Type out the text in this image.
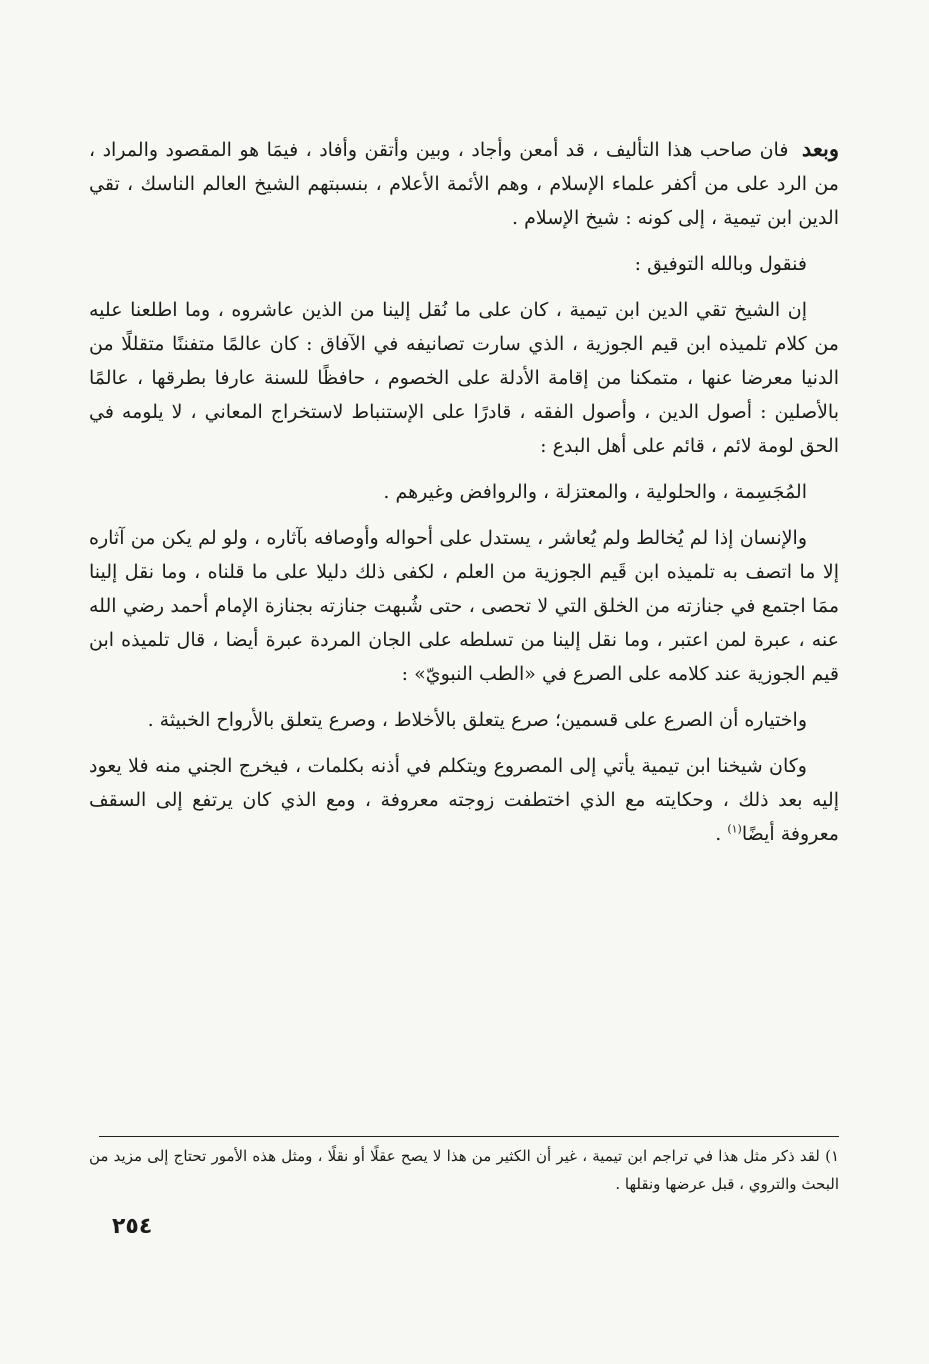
وبعد فان صاحب هذا التأليف ، قد أمعن وأجاد ، وبين وأتقن وأفاد ، فيمَا هو المقصود والمراد ، من الرد على من أكفر علماء الإسلام ، وهم الأئمة الأعلام ، بنسبتهم الشيخ العالم الناسك ، تقي الدين ابن تيمية ، إلى كونه : شيخ الإسلام .

فنقول وبالله التوفيق :

إن الشيخ تقي الدين ابن تيمية ، كان على ما نُقل إلينا من الذين عاشروه ، وما اطلعنا عليه من كلام تلميذه ابن قيم الجوزية ، الذي سارت تصانيفه في الآفاق : كان عالمًا متفننًا متقللًا من الدنيا معرضا عنها ، متمكنا من إقامة الأدلة على الخصوم ، حافظًا للسنة عارفا بطرقها ، عالمًا بالأصلين : أصول الدين ، وأصول الفقه ، قادرًا على الإستنباط لاستخراج المعاني ، لا يلومه في الحق لومة لائم ، قائم على أهل البدع :

المُجَسِمة ، والحلولية ، والمعتزلة ، والروافض وغيرهم .

والإنسان إذا لم يُخالط ولم يُعاشر ، يستدل على أحواله وأوصافه بآثاره ، ولو لم يكن من آثاره إلا ما اتصف به تلميذه ابن قَيم الجوزية من العلم ، لكفى ذلك دليلا على ما قلناه ، وما نقل إلينا ممَا اجتمع في جنازته من الخلق التي لا تحصى ، حتى شُبهت جنازته بجنازة الإمام أحمد رضي الله عنه ، عبرة لمن اعتبر ، وما نقل إلينا من تسلطه على الجان المردة عبرة أيضا ، قال تلميذه ابن قيم الجوزية عند كلامه على الصرع في «الطب النبويّ» :

واختياره أن الصرع على قسمين؛ صرع يتعلق بالأخلاط ، وصرع يتعلق بالأرواح الخبيثة .

وكان شيخنا ابن تيمية يأتي إلى المصروع ويتكلم في أذنه بكلمات ، فيخرج الجني منه فلا يعود إليه بعد ذلك ، وحكايته مع الذي اختطفت زوجته معروفة ، ومع الذي كان يرتفع إلى السقف معروفة أيضًا$^{(١)}$ .

١) لقد ذكر مثل هذا في تراجم ابن تيمية ، غير أن الكثير من هذا لا يصح عقلًا أو نقلًا ، ومثل هذه الأمور تحتاج إلى مزيد من البحث والتروي ، قبل عرضها ونقلها .
٢٥٤
